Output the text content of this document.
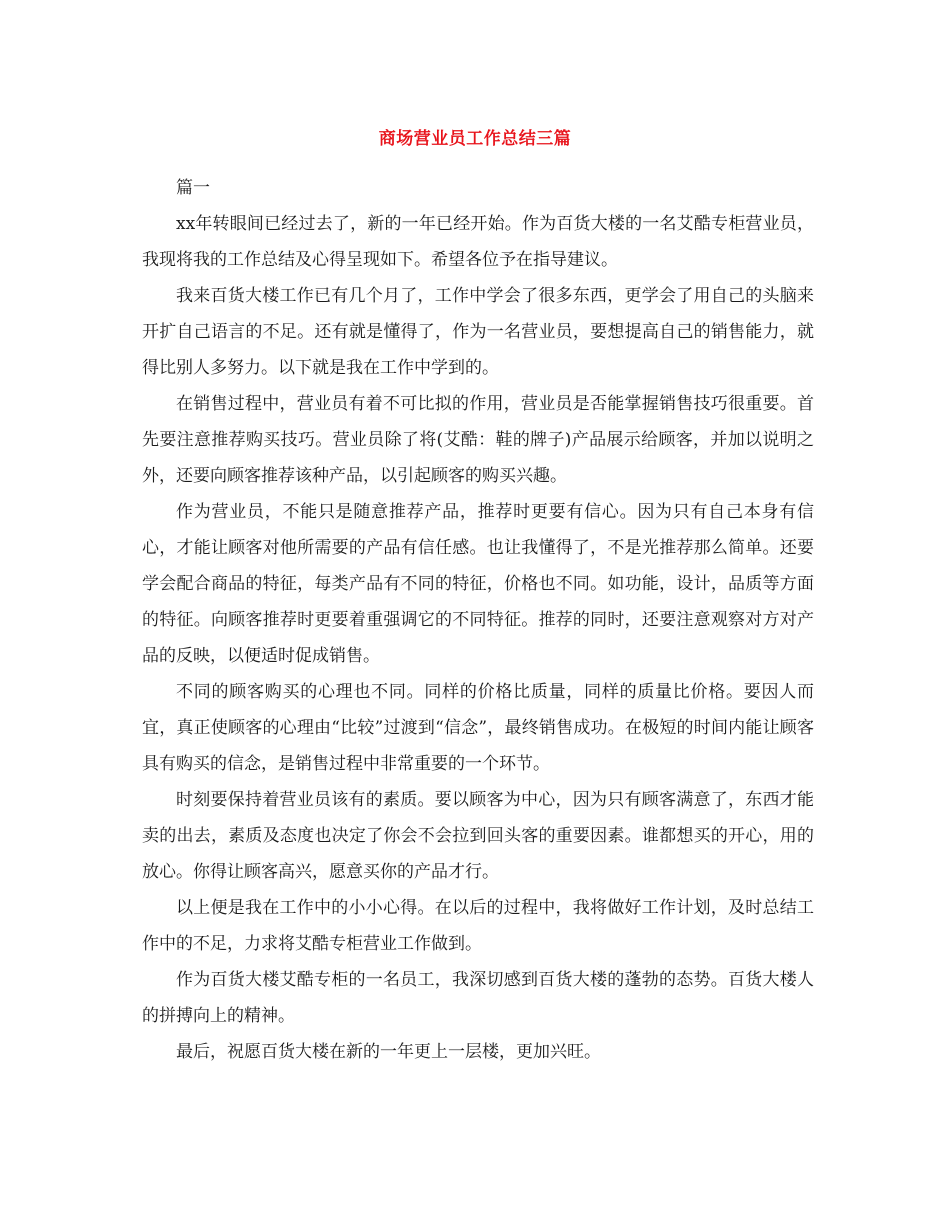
商场营业员工作总结三篇

篇一

xx年转眼间已经过去了，新的一年已经开始。作为百货大楼的一名艾酷专柜营业员，我现将我的工作总结及心得呈现如下。希望各位予在指导建议。

我来百货大楼工作已有几个月了，工作中学会了很多东西，更学会了用自己的头脑来开扩自己语言的不足。还有就是懂得了，作为一名营业员，要想提高自己的销售能力，就得比别人多努力。以下就是我在工作中学到的。

在销售过程中，营业员有着不可比拟的作用，营业员是否能掌握销售技巧很重要。首先要注意推荐购买技巧。营业员除了将(艾酷：鞋的牌子)产品展示给顾客，并加以说明之外，还要向顾客推荐该种产品，以引起顾客的购买兴趣。

作为营业员，不能只是随意推荐产品，推荐时更要有信心。因为只有自己本身有信心，才能让顾客对他所需要的产品有信任感。也让我懂得了，不是光推荐那么简单。还要学会配合商品的特征，每类产品有不同的特征，价格也不同。如功能，设计，品质等方面的特征。向顾客推荐时更要着重强调它的不同特征。推荐的同时，还要注意观察对方对产品的反映，以便适时促成销售。

不同的顾客购买的心理也不同。同样的价格比质量，同样的质量比价格。要因人而宜，真正使顾客的心理由“比较”过渡到“信念”，最终销售成功。在极短的时间内能让顾客具有购买的信念，是销售过程中非常重要的一个环节。

时刻要保持着营业员该有的素质。要以顾客为中心，因为只有顾客满意了，东西才能卖的出去，素质及态度也决定了你会不会拉到回头客的重要因素。谁都想买的开心，用的放心。你得让顾客高兴，愿意买你的产品才行。

以上便是我在工作中的小小心得。在以后的过程中，我将做好工作计划，及时总结工作中的不足，力求将艾酷专柜营业工作做到。

作为百货大楼艾酷专柜的一名员工，我深切感到百货大楼的蓬勃的态势。百货大楼人的拼搏向上的精神。

最后，祝愿百货大楼在新的一年更上一层楼，更加兴旺。
